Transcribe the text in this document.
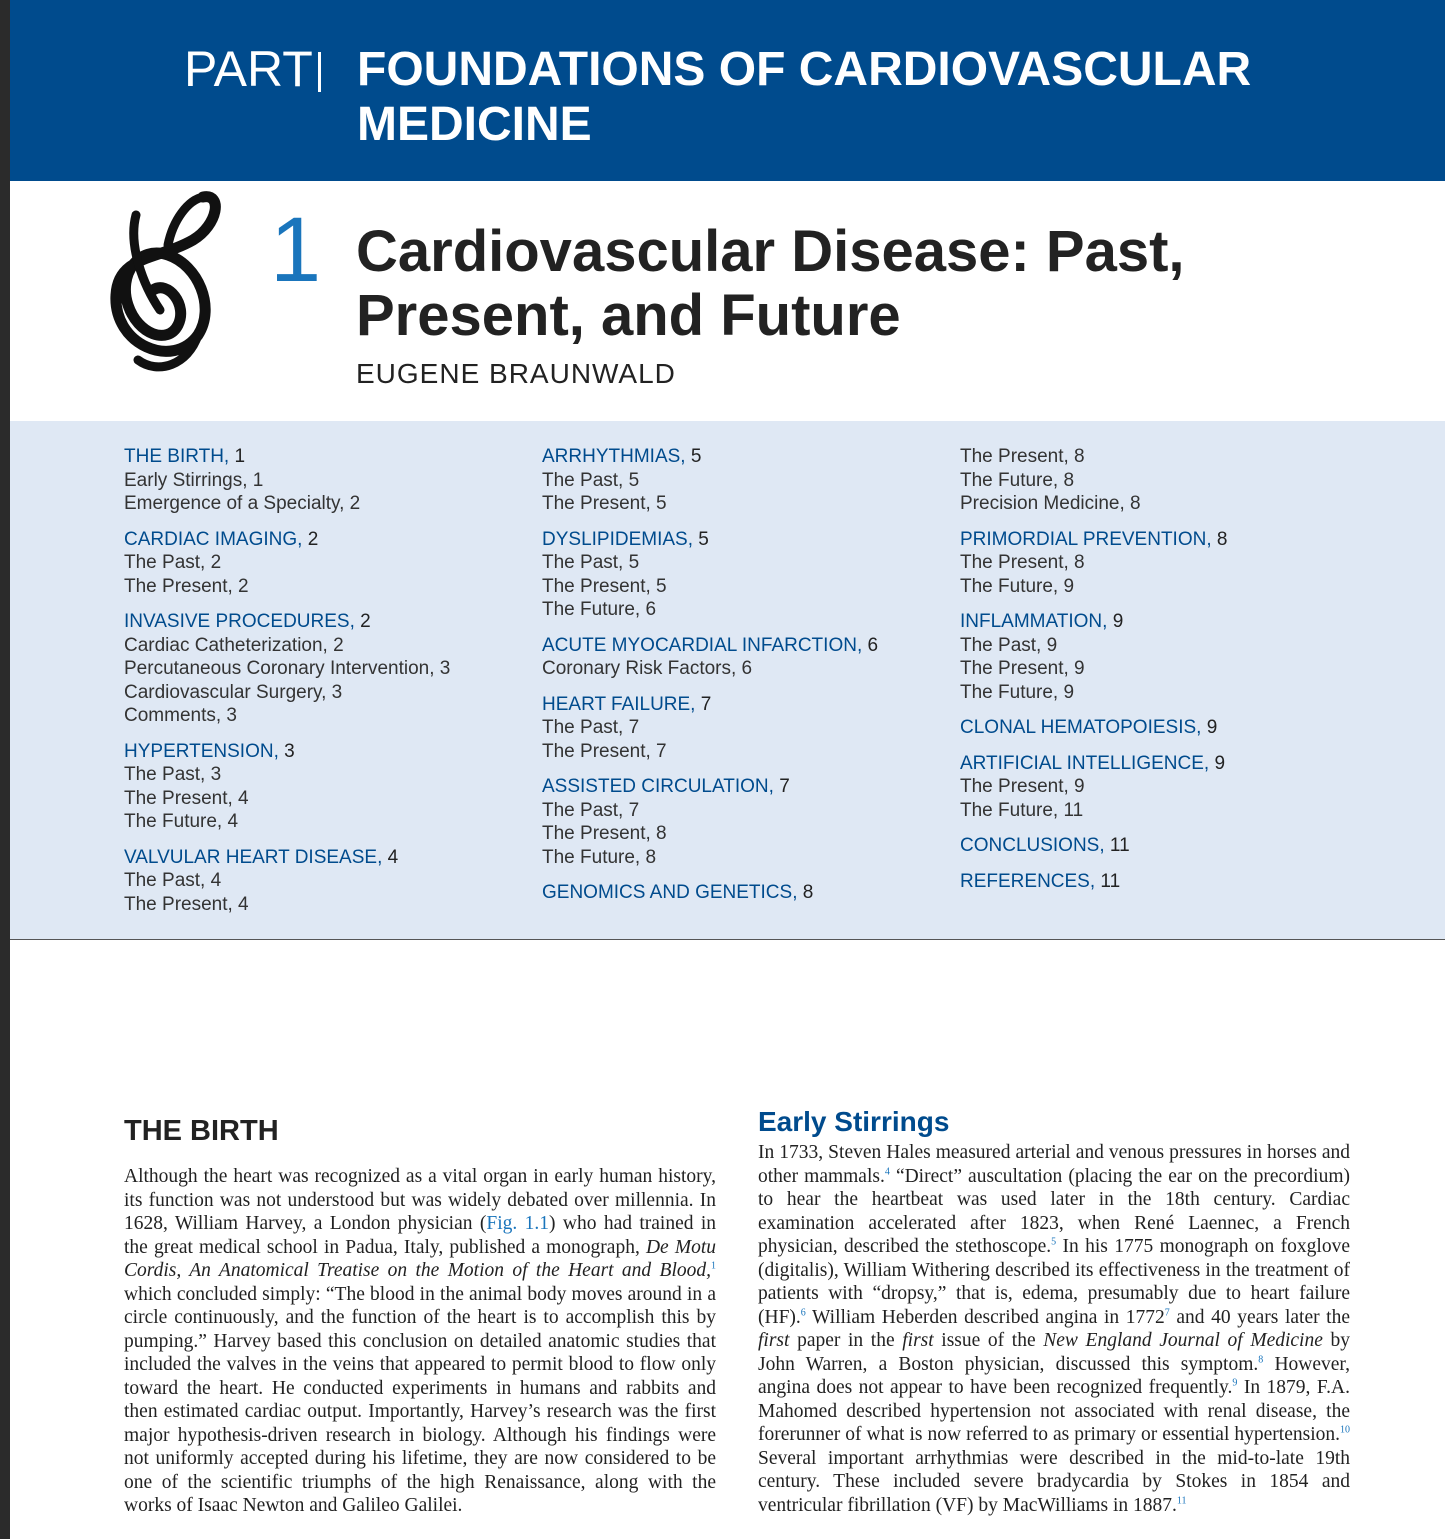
PART FOUNDATIONS OF CARDIOVASCULAR MEDICINE
1 Cardiovascular Disease: Past,
Present, and Future
EUGENE BRAUNWALD
THE BIRTH, 1
Early Stirrings, 1
Emergence of a Specialty, 2
CARDIAC IMAGING, 2
The Past, 2
The Present, 2
INVASIVE PROCEDURES, 2
Cardiac Catheterization, 2
Percutaneous Coronary Intervention, 3
Cardiovascular Surgery, 3
Comments, 3
HYPERTENSION, 3
The Past, 3
The Present, 4
The Future, 4
VALVULAR HEART DISEASE, 4
The Past, 4
The Present, 4
ARRHYTHMIAS, 5
The Past, 5
The Present, 5
DYSLIPIDEMIAS, 5
The Past, 5
The Present, 5
The Future, 6
ACUTE MYOCARDIAL INFARCTION, 6
Coronary Risk Factors, 6
HEART FAILURE, 7
The Past, 7
The Present, 7
ASSISTED CIRCULATION, 7
The Past, 7
The Present, 8
The Future, 8
GENOMICS AND GENETICS, 8
The Present, 8
The Future, 8
Precision Medicine, 8
PRIMORDIAL PREVENTION, 8
The Present, 8
The Future, 9
INFLAMMATION, 9
The Past, 9
The Present, 9
The Future, 9
CLONAL HEMATOPOIESIS, 9
ARTIFICIAL INTELLIGENCE, 9
The Present, 9
The Future, 11
CONCLUSIONS, 11
REFERENCES, 11
THE BIRTH	Early Stirrings

Although the heart was recognized as a vital organ in early human history, its function was not understood but was widely debated over millennia. In 1628, William Harvey, a London physician (Fig. 1.1) who had trained in the great medical school in Padua, Italy, published a monograph, De Motu Cordis, An Anatomical Treatise on the Motion of the Heart and Blood,$^1$ which concluded simply: “The blood in the animal body moves around in a circle continuously, and the function of the heart is to accomplish this by pumping.” Harvey based this conclusion on detailed anatomic studies that included the valves in the veins that appeared to permit blood to flow only toward the heart. He conducted experiments in humans and rabbits and then estimated cardiac output. Importantly, Harvey’s research was the first major hypothesis-driven research in biology. Although his findings were not uniformly accepted during his lifetime, they are now considered to be one of the scientific triumphs of the high Renaissance, along with the works of Isaac Newton and Galileo Galilei.

In 1733, Steven Hales measured arterial and venous pressures in horses and other mammals.$^4$ “Direct” auscultation (placing the ear on the precordium) to hear the heartbeat was used later in the 18th century. Cardiac examination accelerated after 1823, when René Laennec, a French physician, described the stethoscope.$^5$ In his 1775 monograph on foxglove (digitalis), William Withering described its effectiveness in the treatment of patients with “dropsy,” that is, edema, presumably due to heart failure (HF).$^6$ William Heberden described angina in 1772$^7$ and 40 years later the first paper in the first issue of the New England Journal of Medicine by John Warren, a Boston physician, discussed this symptom.$^8$ However, angina does not appear to have been recognized frequently.$^9$ In 1879, F.A. Mahomed described hypertension not associated with renal disease, the forerunner of what is now referred to as primary or essential hypertension.$^{10}$ Several important arrhythmias were described in the mid-to-late 19th century. These included severe bradycardia by Stokes in 1854 and ventricular fibrillation (VF) by MacWilliams in 1887.11
